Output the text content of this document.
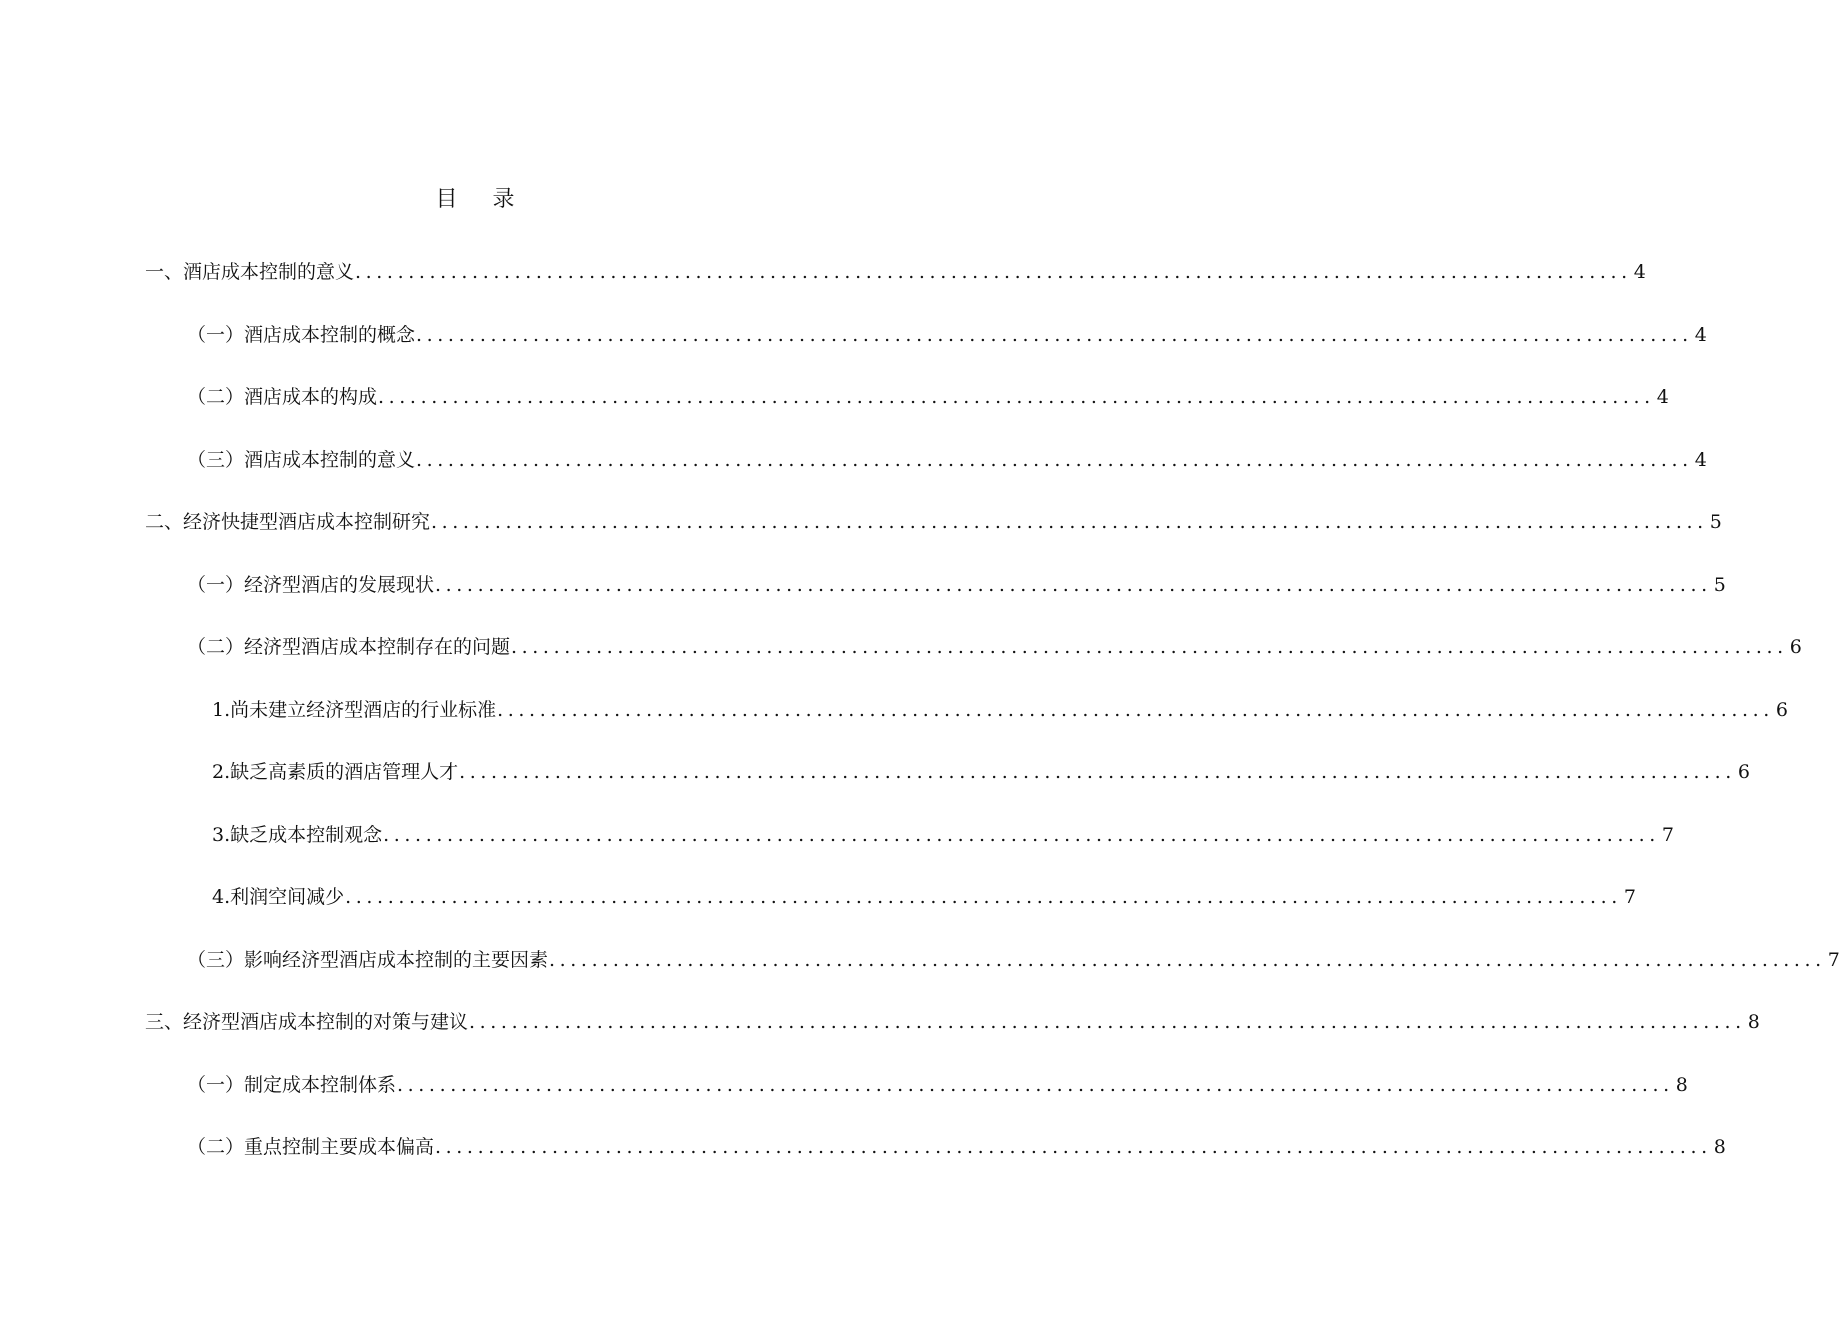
目 录
一、酒店成本控制的意义 ........................................................................................................................ 4
（一）酒店成本控制的概念 ........................................................................................................................ 4
（二）酒店成本的构成 ........................................................................................................................ 4
（三）酒店成本控制的意义 ........................................................................................................................ 4
二、经济快捷型酒店成本控制研究 ........................................................................................................................ 5
（一）经济型酒店的发展现状 ........................................................................................................................ 5
（二）经济型酒店成本控制存在的问题 ........................................................................................................................ 6
1.尚未建立经济型酒店的行业标准 ........................................................................................................................ 6
2.缺乏高素质的酒店管理人才 ........................................................................................................................ 6
3.缺乏成本控制观念 ........................................................................................................................ 7
4.利润空间减少 ........................................................................................................................ 7
（三）影响经济型酒店成本控制的主要因素 ........................................................................................................................ 7
三、经济型酒店成本控制的对策与建议 ........................................................................................................................ 8
（一）制定成本控制体系 ........................................................................................................................ 8
（二）重点控制主要成本偏高 ........................................................................................................................ 8
